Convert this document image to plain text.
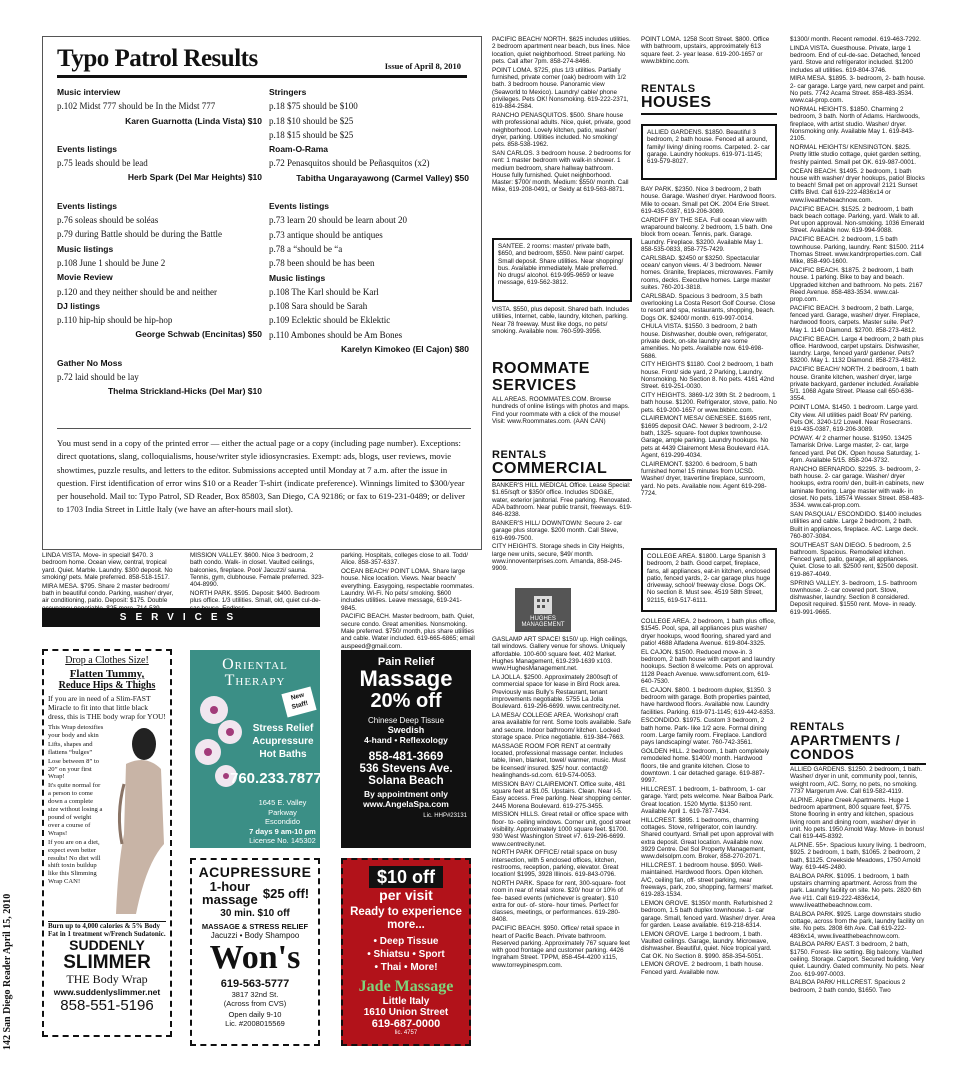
Typo Patrol Results	Issue of April 8, 2010
Music interview
p.102 Midst 777 should be In the Midst 777
Karen Guarnotta (Linda Vista) $10
Events listings
p.75 leads should be lead
Herb Spark (Del Mar Heights) $10
Events listings
p.76 soleas should be soléas
p.79 during Battle should be during the Battle
Music listings
p.108 June 1 should be June 2
Movie Review
p.120 and they neither should be and neither
DJ listings
p.110 hip-hip should be hip-hop
George Schwab (Encinitas) $50
Gather No Moss
p.72 laid should be lay
Thelma Strickland-Hicks (Del Mar) $10
Stringers
p.18 $75 should be $100
p.18 $10 should be $25
p.18 $15 should be $25
Roam-O-Rama
p.72 Penasquitos should be Peñasquitos (x2)
Tabitha Ungarayawong (Carmel Valley) $50
Events listings
p.73 learn 20 should be learn about 20
p.73 antique should be antiques
p.78 a “should be “a
p.78 been should be has been
Music listings
p.108 The Karl should be Karl
p.108 Sara should be Sarah
p.109 Eclektic should be Eklektic
p.110 Ambones should be Am Bones
Karelyn Kimokeo (El Cajon) $80
You must send in a copy of the printed error — either the actual page or a copy (including page number). Exceptions: direct quotations, slang, colloquialisms, house/writer style idiosyncrasies. Exempt: ads, blogs, user reviews, movie showtimes, puzzle results, and letters to the editor. Submissions accepted until Monday at 7 a.m. after the issue in question. First identification of error wins $10 or a Reader T-shirt (indicate preference). Winnings limited to $300/year per household. Mail to: Typo Patrol, SD Reader, Box 85803, San Diego, CA 92186; or fax to 619-231-0489; or deliver to 1703 India Street in Little Italy (we have an after-hours mail slot).

LINDA VISTA. Move- in special! $470. 3 bedroom home. Ocean view, central, tropical yard. Quiet. Marble. Laundry. $300 deposit. No smoking/ pets. Male preferred. 858-518-1517.

MIRA MESA. $795. Share 2 master bedroom/ bath in beautiful condo. Parking, washer/ dryer, air conditioning, patio. Deposit: $175. Double

MISSION VALLEY. $600. Nice 3 bedroom, 2 bath condo. Walk- in closet. Vaulted ceilings, balconies, fireplace. Pool/ Jacuzzi/ sauna. Tennis, gym, clubhouse. Female preferred. 323-404-8990.

NORTH PARK. $595. Deposit: $400. Bedroom plus office. 1/3 utilities. Small, old, quiet cul-de-

parking. Hospitals, colleges close to all. Todd/ Alice. 858-357-6337.

OCEAN BEACH/ POINT LOMA. Share large house. Nice location. Views. Near beach/ everything. Easygoing, respectable roommates. Laundry. Wi-Fi. No pets/ smoking. $600 includes utilities. Leave message, 619-241-9845.

PACIFIC BEACH. Master bedroom, bath. Quiet, secure condo. Great amenities. Nonsmoking. Male preferred. $750/ month, plus share utilities and cable. Water included. 619-665-6865; email auspeed@gmail.com.

SERVICES
Drop a Clothes Size!
Flatten Tummy,
Reduce Hips & Thighs
If you are in need of a Slim-FAST Miracle to fit into that little black dress, this is THE body wrap for YOU!
This Wrap detoxifies your body and skin
Lifts, shapes and flattens “bulges”
Lose between 8” to 20” on your first Wrap!
It's quite normal for a person to come down a complete size without losing a pound of weight over a course of Wraps!
If you are on a diet, expect even better results! No diet will shift toxin buildup like this Slimming Wrap CAN!
Burn up to 4,000 calories & 5% Body Fat in 1 treatment w/French Sudatonic.
SUDDENLY
SLIMMER
THE Body Wrap
www.suddenlyslimmer.net
858-551-5196
Oriental
Therapy
New Staff!
Stress Relief
Acupressure
Hot Baths
760.233.7877
1645 E. Valley Parkway
Escondido
7 days 9 am-10 pm
License No. 145302
Pain Relief
Massage
20% off
Chinese Deep Tissue
Swedish
4-hand • Reflexology
858-481-3669
536 Stevens Ave.
Solana Beach
By appointment only
www.AngelaSpa.com
Lic. HHP#23131
ACUPRESSURE
1-hour massage $25 off!
30 min. $10 off
MASSAGE & STRESS RELIEF
Jacuzzi • Body Shampoo
Won's
619-563-5777
3817 32nd St.
(Across from CVS)
Open daily 9-10
Lic. #2008015569
$10 off
per visit
Ready to experience more...
• Deep Tissue
• Shiatsu • Sport
• Thai • More!
Jade Massage
Little Italy
1610 Union Street
619-687-0000
lic. 4757
142 San Diego Reader April 15, 2010

PACIFIC BEACH/ NORTH. $625 includes utilities. 2 bedroom apartment near beach, bus lines. Nice location, quiet neighborhood. Street parking. No pets. Call after 7pm. 858-274-8466.

POINT LOMA. $725, plus 1/3 utilities. Partially furnished, private corner (oak) bedroom with 1/2 bath. 3 bedroom house. Panoramic view (Seaworld to Mexico). Laundry/ cable/ phone privileges. Pets OK! Nonsmoking. 619-222-2371, 619-884-2584.

RANCHO PENASQUITOS. $500. Share house with professional adults. Nice, quiet, private, good neighborhood. Lovely kitchen, patio, washer/ dryer, parking. Utilities included. No smoking/ pets. 858-538-1962.

SAN CARLOS. 3 bedroom house. 2 bedrooms for rent: 1 master bedroom with walk-in shower. 1 medium bedroom, share hallway bathroom. House fully furnished. Quiet neighborhood. Master: $700/ month. Medium: $550/ month. Call Mike, 619-208-0491, or Seidy at 619-563-8871.

SANTEE. 2 rooms: master/ private bath, $650, and bedroom, $550. New paint/ carpet. Small deposit. Share utilities. Near shopping/ bus. Available immediately. Male preferred. No drugs/ alcohol. 619-995-9659 or leave message, 619-562-3812.

VISTA. $550, plus deposit. Shared bath. Includes utilities, Internet, cable, laundry, kitchen, parking. Near 78 freeway. Must like dogs, no pets/ smoking. Available now. 760-599-3956.

ROOMMATE SERVICES

ALL AREAS. ROOMMATES.COM. Browse hundreds of online listings with photos and maps. Find your roommate with a click of the mouse! Visit: www.Roommates.com. (AAN CAN)

RENTALS
COMMERCIAL

BANKER'S HILL MEDICAL Office. Lease Special: $1.65/sqft or $350/ office. Includes SDG&E, water, exterior janitorial. Free parking. Renovated. ADA bathroom. Near public transit, freeways. 619-846-8238.

BANKER'S HILL/ DOWNTOWN: Secure 2- car garage plus storage. $200 month. Call Steve, 619-699-7500.

CITY HEIGHTS. Storage sheds in City Heights, large new units, secure, $49/ month. www.innoventerprises.com. Amanda, 858-245-9909.

HUGHES
MANAGEMENT

GASLAMP ART SPACE! $150/ up. High ceilings, tall windows. Gallery venue for shows. Uniquely affordable. 100-600 square feet. 402 Market. Hughes Management, 619-239-1639 x103. www.HughesManagement.net.

LA JOLLA. $2500. Approximately 2800sqft of commercial space for lease in Bird Rock area. Previously was Bully's Restaurant, tenant improvements negotiable. 5755 La Jolla Boulevard. 619-296-6699. www.centrecity.net.

LA MESA/ COLLEGE AREA. Workshop/ craft area available for rent. Some tools available. Safe and secure. Indoor bathroom/ kitchen. Locked storage space. Price negotiable. 619-384-7663.

MASSAGE ROOM FOR RENT at centrally located, professional massage center. Includes table, linen, blanket, towel/ warmer, music. Must be licensed/ insured. $25/ hour. contact@ healinghands-sd.com. 619-574-0053.

MISSION BAY/ CLAIREMONT. Office suite, 481 square feet at $1.05. Upstairs. Clean. Near I-5. Easy access. Free parking. Near shopping center. 2445 Morena Boulevard. 619-275-3455.

MISSION HILLS. Great retail or office space with floor- to- ceiling windows. Corner unit, good street visibility. Approximately 1000 square feet. $1700. 930 West Washington Street #7. 619-296-6699. www.centrecity.net.

NORTH PARK OFFICE/ retail space on busy intersection, with 5 enclosed offices, kitchen, restrooms, reception, parking, elevator. Great location! $1995, 3928 Illinois. 619-843-0796.

NORTH PARK. Space for rent, 300-square- foot room in rear of retail store. $20/ hour or 10% of fee- based events (whichever is greater). $10 extra for out- of- store- hour times. Perfect for classes, meetings, or performances. 619-280-8408.

PACIFIC BEACH. $950. Office/ retail space in heart of Pacific Beach. Private bathroom. Reserved parking. Approximately 767 square feet with good frontage and customer parking. 4426 Ingraham Street. TPPM, 858-454-4200 x115, www.torreypinespm.com.

POINT LOMA. 1258 Scott Street. $800. Office with bathroom, upstairs, approximately 613 square feet. 2- year lease. 619-200-1657 or www.bkbinc.com.

RENTALS
HOUSES

ALLIED GARDENS. $1850. Beautiful 3 bedroom, 2 bath house. Fenced all around, family/ living/ dining rooms. Carpeted. 2- car garage. Laundry hookups. 619-971-1145; 619-579-8027.

BAY PARK. $2350. Nice 3 bedroom, 2 bath house. Garage. Washer/ dryer. Hardwood floors. Mile to ocean. Small pet OK. 2004 Erie Street. 619-435-0387, 619-206-3089.

CARDIFF BY THE SEA. Full ocean view with wraparound balcony. 2 bedroom, 1.5 bath. One block from ocean. Tennis, park. Garage. Laundry. Fireplace. $3200. Available May 1. 858-535-0833, 858-775-7429.

CARLSBAD. $2450 or $3250. Spectacular ocean/ canyon views. 4/ 3 bedroom. Newer homes. Granite, fireplaces, microwaves. Family rooms, decks. Executive homes. Large master suites. 760-201-3818.

CARLSBAD. Spacious 3 bedroom, 3.5 bath overlooking La Costa Resort Golf Course. Close to resort and spa, restaurants, shopping, beach. Dogs OK. $2400/ month. 619-997-0014.

CHULA VISTA. $1550. 3 bedroom, 2 bath house. Dishwasher, double oven, refrigerator, private deck, on-site laundry are some amenities. No pets. Available now. 619-698-5686.

CITY HEIGHTS $1180. Cool 2 bedroom, 1 bath house. Front/ side yard, 2 Parking, Laundry. Nonsmoking. No Section 8. No pets. 4161 42nd Street. 619-251-0030.

CITY HEIGHTS. 3869-1/2 39th St. 2 bedroom, 1 bath house. $1200. Refrigerator, stove, patio. No pets. 619-200-1657 or www.bkbinc.com.

CLAIREMONT MESA/ GENESEE. $1695 rent, $1695 deposit OAC. Newer 3 bedroom, 2-1/2 bath, 1325- square- foot duplex townhouse. Garage, ample parking. Laundry hookups. No pets at 4439 Clairemont Mesa Boulevard #1A. Agent, 619-299-4034.

CLAIREMONT. $3200. 6 bedroom, 5 bath furnished home! 15 minutes from UCSD. Washer/ dryer, travertine fireplace, sunroom, yard. No pets. Available now. Agent 619-298-7724.

COLLEGE AREA. $1800. Large Spanish 3 bedroom, 2 bath. Good carpet, fireplace, fans, all appliances, eat-in kitchen, enclosed patio, fenced yards, 2- car garage plus huge driveway, school/ freeway close. Dogs OK. No section 8. Must see. 4519 58th Street, 92115, 619-517-6111.

COLLEGE AREA. 2 bedroom, 1 bath plus office, $1545. Pool, spa, all appliances plus washer/ dryer hookups, wood flooring, shared yard and patio! 4688 Alfadena Avenue. 619-804-3325.

EL CAJON. $1500. Reduced move-in. 3 bedroom, 2 bath house with carport and laundry hookups. Section 8 welcome. Pets on approval. 1128 Peach Avenue. www.sdforrent.com, 619-640-7530.

EL CAJON. $800. 1 bedroom duplex, $1350. 3 bedroom with garage. Both properties painted, have hardwood floors. Available now. Laundry facilities. Parking. 619-971-1145; 619-442-6353.

ESCONDIDO. $1975. Custom 3 bedroom, 2 bath home. Park- like 1/2 acre. Formal dining room. Large family room. Fireplace. Landlord pays landscaping/ water. 760-742-3561.

GOLDEN HILL. 2 bedroom, 1 bath completely remodeled home. $1400/ month. Hardwood floors, tile and granite kitchen. Close to downtown. 1 car detached garage. 619-887-9997.

HILLCREST. 1 bedroom, 1- bathroom, 1- car garage. Yard; pets welcome. Near Balboa Park. Great location. 1520 Myrtle. $1350 rent. Available April 1. 619-787-7434.

HILLCREST. $895. 1 bedrooms, charming cottages. Stove, refrigerator, coin laundry. Shared courtyard. Small pet upon approval with extra deposit. Great location. Available now. 3929 Centre. Del Sol Property Management, www.delsolpm.com. Broker, 858-270-2071.

HILLCREST. 1 bedroom house. $950. Well- maintained. Hardwood floors. Open kitchen. A/C, ceiling fan, off- street parking, near freeways, park, zoo, shopping, farmers' market. 619-283-1534.

LEMON GROVE. $1350/ month. Refurbished 2 bedroom, 1.5 bath duplex townhouse. 1- car garage. Small, fenced yard. Washer/ dryer. Area for garden. Lease available. 619-218-6314.

LEMON GROVE. Large 1 bedroom, 1 bath. Vaulted ceilings. Garage, laundry. Microwave, dishwasher. Beautiful, quiet. Nice tropical yard. Cat OK. No Section 8. $990. 858-354-5051.

LEMON GROVE. 2 bedroom, 1 bath house. Fenced yard. Available now.

$1300/ month. Recent remodel. 619-463-7292.

LINDA VISTA. Guesthouse. Private, large 1 bedroom. End of cul-de-sac. Detached, fenced yard. Stove and refrigerator included. $1200 includes all utilities. 619-804-3746.

MIRA MESA. $1895. 3- bedroom, 2- bath house. 2- car garage. Large yard, new carpet and paint. No pets. 7742 Acama Street. 858-483-3534. www.cal-prop.com.

NORMAL HEIGHTS. $1850. Charming 2 bedroom, 3 bath. North of Adams. Hardwoods, fireplace, with artist studio. Washer/ dryer. Nonsmoking only. Available May 1. 619-843-2105.

NORMAL HEIGHTS/ KENSINGTON. $825. Pretty little studio cottage, quiet garden setting, freshly painted. Small pet OK. 619-987-0001.

OCEAN BEACH. $1495. 2 bedroom, 1 bath house with washer/ dryer hookups, patio! Blocks to beach! Small pet on approval! 2121 Sunset Cliffs Blvd. Call 619-222-4836x14 or www.liveatthebeachnow.com.

PACIFIC BEACH. $1525. 2 bedroom, 1 bath back beach cottage. Parking, yard. Walk to all. Pet upon approval. Non-smoking. 1036 Emerald Street. Available now. 619-994-9088.

PACIFIC BEACH. 2 bedroom, 1.5 bath townhouse. Parking, laundry. Rent: $1500. 2114 Thomas Street. www.kandrproperties.com. Call Mike, 858-490-1600.

PACIFIC BEACH. $1875. 2 bedroom, 1 bath house. 1 parking. Bike to bay and beach. Upgraded kitchen and bathroom. No pets. 2167 Reed Avenue. 858-483-3534. www.cal-prop.com.

PACIFIC BEACH. 3 bedroom, 2 bath. Large, fenced yard. Garage, washer/ dryer. Fireplace, hardwood floors, carpets. Master suite. Pet? May 1. 1140 Diamond. $2700. 858-273-4812.

PACIFIC BEACH. Large 4 bedroom, 2 bath plus office. Hardwood, carpet upstairs. Dishwasher, laundry. Large, fenced yard/ gardener. Pets? $3200. May 1. 1132 Diamond. 858-273-4812.

PACIFIC BEACH/ NORTH. 2 bedroom, 1 bath house. Granite kitchen, washer/ dryer, large private backyard, gardener included. Available 5/1. 1068 Agate Street. Please call 650-636-3554.

POINT LOMA. $1450. 1 bedroom. Large yard. City view. All utilities paid! Boat/ RV parking. Pets OK. 3240-1/2 Lowell. Near Rosecrans. 619-435-0387, 619-206-3089.

POWAY. 4/ 2 charmer house. $1950. 13425 Tamarisk Drive. Large master, 2- car, large fenced yard. Pet OK. Open house Saturday, 1- 4pm. Available 5/15. 858-204-3732.

RANCHO BERNARDO. $2295. 3- bedroom, 2- bath house. 2- car garage. Washer/ dryer hookups, extra room/ den, built-in cabinets, new laminate flooring. Large master with walk- in closet. No pets. 18574 Wessex Street. 858-483-3534. www.cal-prop.com.

SAN PASQUAL/ ESCONDIDO. $1400 includes utilities and cable. Large 2 bedroom, 2 bath. Built in appliances, fireplace. A/C. Large deck. 760-807-3084.

SOUTHEAST SAN DIEGO. 5 bedroom, 2.5 bathroom. Spacious. Remodeled kitchen. Fenced yard, patio, garage, all appliances. Quiet. Close to all. $2500 rent, $2500 deposit. 619-867-4049.

SPRING VALLEY. 3- bedroom, 1.5- bathroom townhouse. 2- car covered port. Stove, dishwasher, laundry. Section 8 considered. Deposit required. $1550 rent. Move- in ready. 619-991-9665.

RENTALS
APARTMENTS / CONDOS

ALLIED GARDENS. $1250. 2 bedroom, 1 bath. Washer/ dryer in unit, community pool, tennis, weight room, A/C. Sorry, no pets, no smoking. 7737 Margerum Ave. Call 619-582-4119.

ALPINE. Alpine Creek Apartments. Huge 1 bedroom apartment, 800 square feet, $775. Stone flooring in entry and kitchen, spacious living room and dining room, washer/ dryer in unit. No pets. 1950 Arnold Way. Move- in bonus! Call 619-445-8392.

ALPINE. 55+. Spacious luxury living. 1 bedroom, $925. 2 bedroom, 1 bath, $1065. 2 bedroom, 2 bath, $1125. Creekside Meadows, 1750 Arnold Way. 619-445-2480.

BALBOA PARK. $1095. 1 bedroom, 1 bath upstairs charming apartment. Across from the park. Laundry facility on site. No pets. 2820 6th Ave #11. Call 619-222-4836x14, www.liveatthebeachnow.com.

BALBOA PARK. $925. Large downstairs studio cottage, across from the park, laundry facility on site. No pets. 2808 6th Ave. Call 619-222-4836x14, www.liveatthebeachnow.com.

BALBOA PARK/ EAST. 3 bedroom, 2 bath, $1750. Forest- like setting. Big balcony. Vaulted ceiling. Storage. Carport. Secured building. Very quiet. Laundry. Gated community. No pets. Near Zoo. 619-997-0003.

BALBOA PARK/ HILLCREST. Spacious 2 bedroom, 2 bath condo, $1650. Two
